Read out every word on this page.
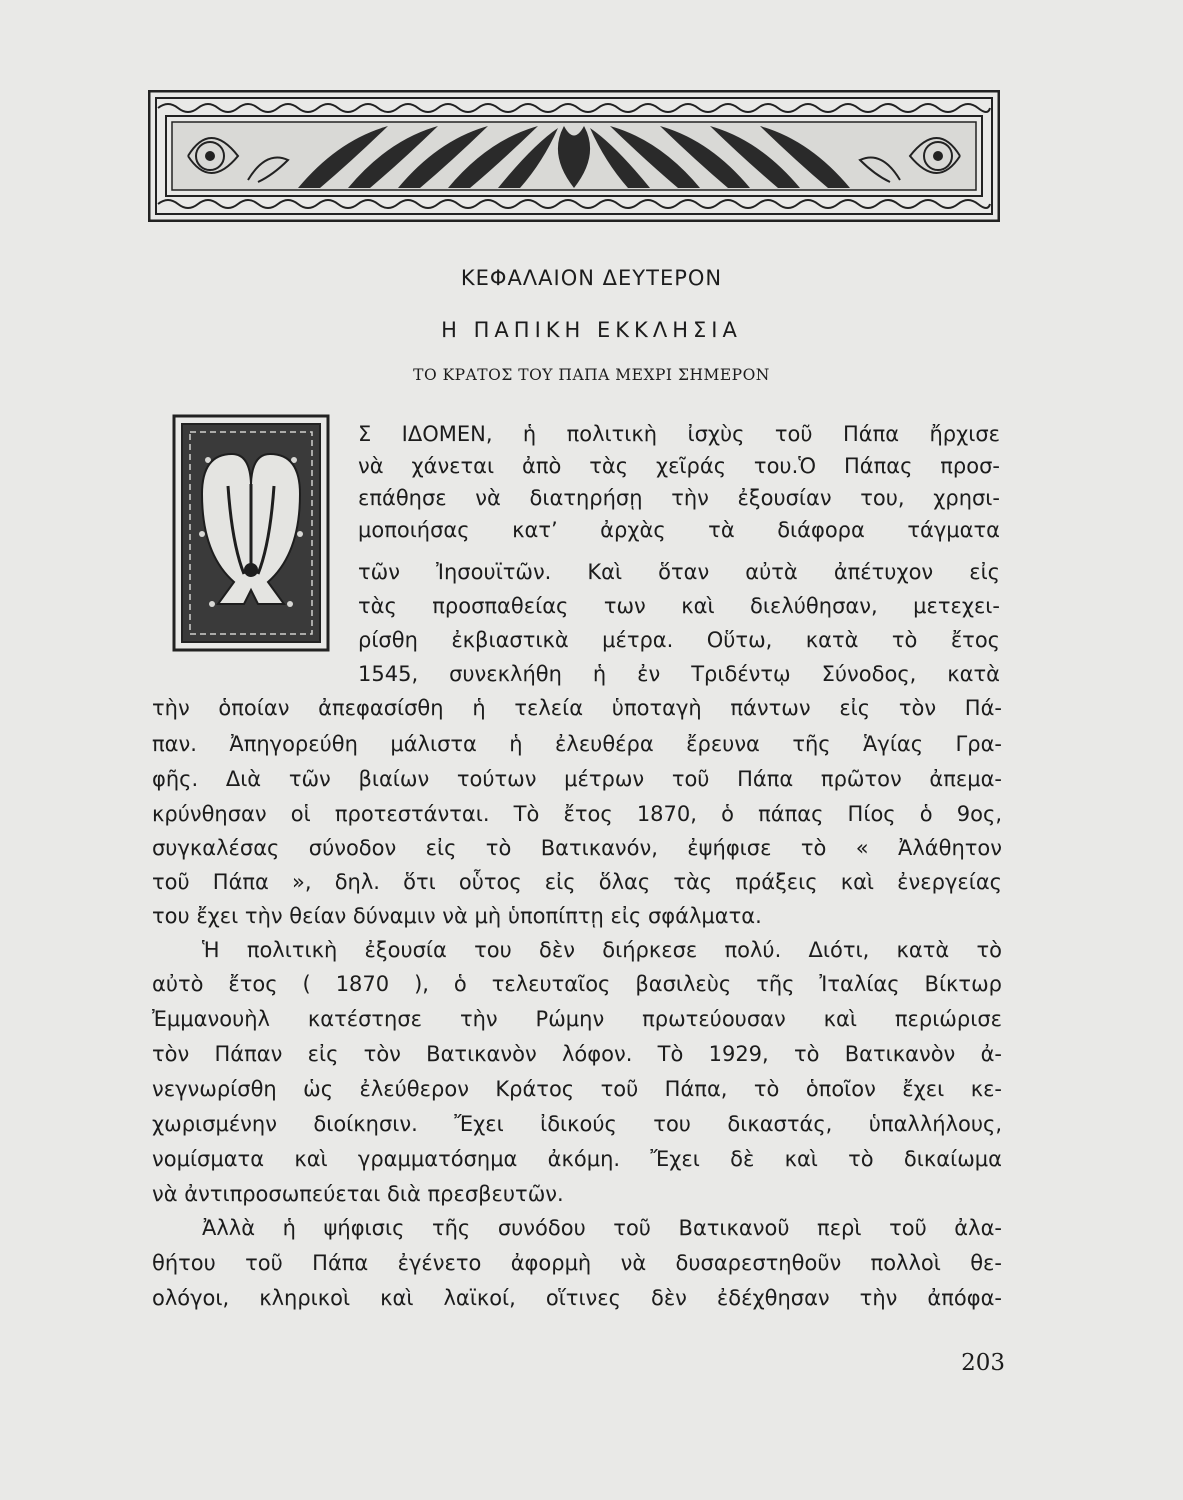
ΚΕΦΑΛΑΙΟΝ ΔΕΥΤΕΡΟΝ
Η ΠΑΠΙΚΗ ΕΚΚΛΗΣΙΑ
ΤΟ ΚΡΑΤΟΣ ΤΟΥ ΠΑΠΑ ΜΕΧΡΙ ΣΗΜΕΡΟΝ
Σ ΙΔΟΜΕΝ, ἡ πολιτικὴ ἰσχὺς τοῦ Πάπα ἤρχισε
νὰ χάνεται ἀπὸ τὰς χεῖράς του.Ὁ Πάπας προσ-
επάθησε νὰ διατηρήσῃ τὴν ἐξουσίαν του, χρησι-
μοποιήσας κατ’ ἀρχὰς τὰ διάφορα τάγματα
τῶν Ἰησουϊτῶν. Καὶ ὅταν αὐτὰ ἀπέτυχον εἰς
τὰς προσπαθείας των καὶ διελύθησαν, μετεχει-
ρίσθη ἐκβιαστικὰ μέτρα. Οὕτω, κατὰ τὸ ἔτος
1545, συνεκλήθη ἡ ἐν Τριδέντῳ Σύνοδος, κατὰ
τὴν ὁποίαν ἀπεφασίσθη ἡ τελεία ὑποταγὴ πάντων εἰς τὸν Πά-
παν. Ἀπηγορεύθη μάλιστα ἡ ἐλευθέρα ἔρευνα τῆς Ἁγίας Γρα-
φῆς. Διὰ τῶν βιαίων τούτων μέτρων τοῦ Πάπα πρῶτον ἀπεμα-
κρύνθησαν οἱ προτεστάνται. Τὸ ἔτος 1870, ὁ πάπας Πίος ὁ 9ος,
συγκαλέσας σύνοδον εἰς τὸ Βατικανόν, ἐψήφισε τὸ « Ἀλάθητον
τοῦ Πάπα », δηλ. ὅτι οὗτος εἰς ὅλας τὰς πράξεις καὶ ἐνεργείας
του ἔχει τὴν θείαν δύναμιν νὰ μὴ ὑποπίπτῃ εἰς σφάλματα.
Ἡ πολιτικὴ ἐξουσία του δὲν διήρκεσε πολύ. Διότι, κατὰ τὸ
αὐτὸ ἔτος ( 1870 ), ὁ τελευταῖος βασιλεὺς τῆς Ἰταλίας Βίκτωρ
Ἐμμανουὴλ κατέστησε τὴν Ρώμην πρωτεύουσαν καὶ περιώρισε
τὸν Πάπαν εἰς τὸν Βατικανὸν λόφον. Τὸ 1929, τὸ Βατικανὸν ἀ-
νεγνωρίσθη ὡς ἐλεύθερον Κράτος τοῦ Πάπα, τὸ ὁποῖον ἔχει κε-
χωρισμένην διοίκησιν. Ἔχει ἰδικούς του δικαστάς, ὑπαλλήλους,
νομίσματα καὶ γραμματόσημα ἀκόμη. Ἔχει δὲ καὶ τὸ δικαίωμα
νὰ ἀντιπροσωπεύεται διὰ πρεσβευτῶν.
Ἀλλὰ ἡ ψήφισις τῆς συνόδου τοῦ Βατικανοῦ περὶ τοῦ ἀλα-
θήτου τοῦ Πάπα ἐγένετο ἀφορμὴ νὰ δυσαρεστηθοῦν πολλοὶ θε-
ολόγοι, κληρικοὶ καὶ λαϊκοί, οἵτινες δὲν ἐδέχθησαν τὴν ἀπόφα-
203
